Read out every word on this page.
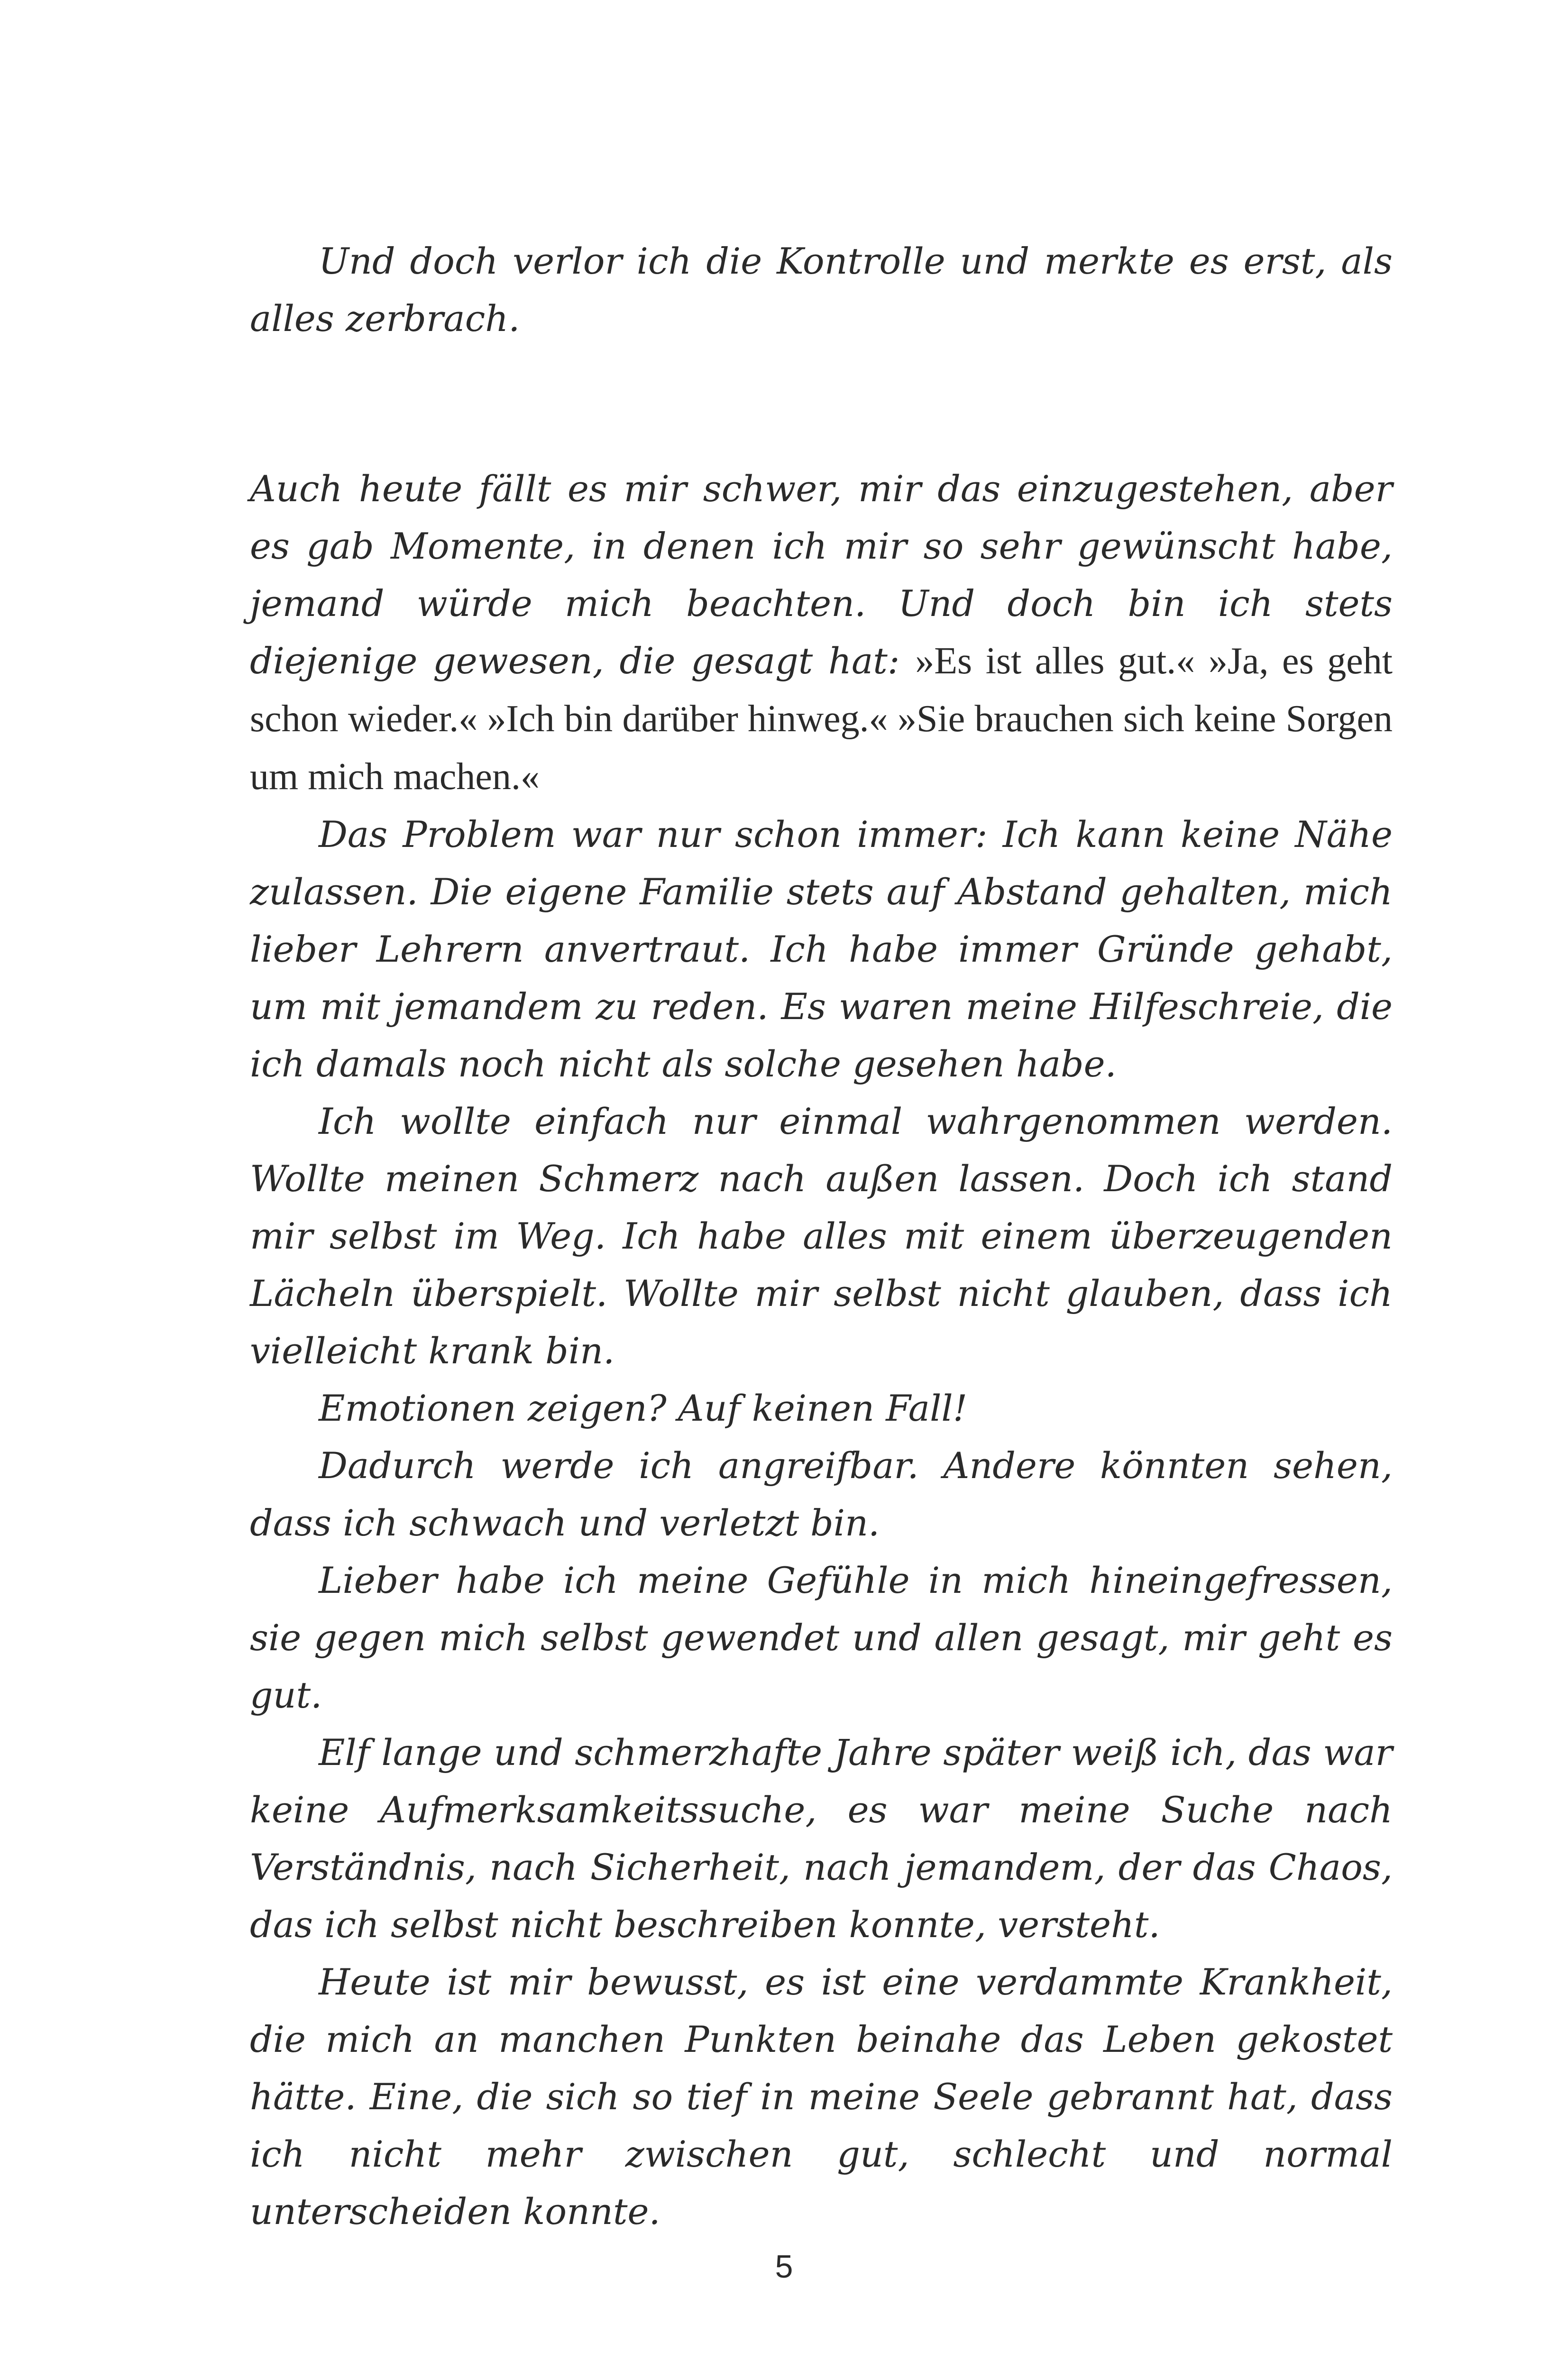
Und doch verlor ich die Kontrolle und merkte es erst, als alles zerbrach.

Auch heute fällt es mir schwer, mir das einzugestehen, aber es gab Momente, in denen ich mir so sehr gewünscht habe, jemand würde mich beachten. Und doch bin ich stets diejenige gewesen, die gesagt hat: »Es ist alles gut.« »Ja, es geht schon wieder.« »Ich bin darüber hinweg.« »Sie brauchen sich keine Sorgen um mich machen.«

Das Problem war nur schon immer: Ich kann keine Nähe zulassen. Die eigene Familie stets auf Abstand gehalten, mich lieber Lehrern anvertraut. Ich habe immer Gründe gehabt, um mit jemandem zu reden. Es waren meine Hilfeschreie, die ich damals noch nicht als solche gesehen habe.

Ich wollte einfach nur einmal wahrgenommen werden. Wollte meinen Schmerz nach außen lassen. Doch ich stand mir selbst im Weg. Ich habe alles mit einem überzeugenden Lächeln überspielt. Wollte mir selbst nicht glauben, dass ich vielleicht krank bin.

Emotionen zeigen? Auf keinen Fall!

Dadurch werde ich angreifbar. Andere könnten sehen, dass ich schwach und verletzt bin.

Lieber habe ich meine Gefühle in mich hineingefressen, sie gegen mich selbst gewendet und allen gesagt, mir geht es gut.

Elf lange und schmerzhafte Jahre später weiß ich, das war keine Aufmerksamkeitssuche, es war meine Suche nach Verständnis, nach Sicherheit, nach jemandem, der das Chaos, das ich selbst nicht beschreiben konnte, versteht.

Heute ist mir bewusst, es ist eine verdammte Krankheit, die mich an manchen Punkten beinahe das Leben gekostet hätte. Eine, die sich so tief in meine Seele gebrannt hat, dass ich nicht mehr zwischen gut, schlecht und normal unterscheiden konnte.

5
